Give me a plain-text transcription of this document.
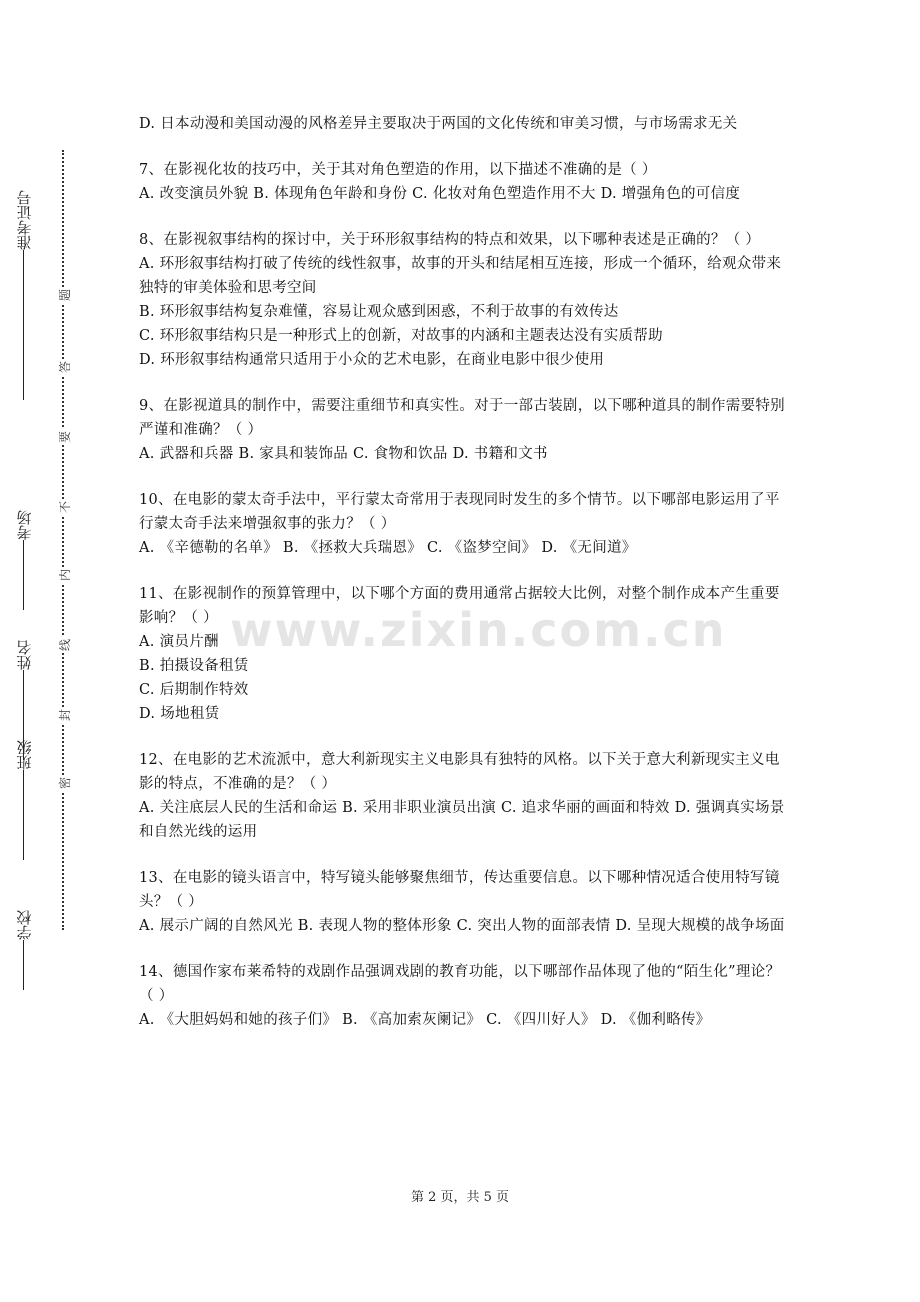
准考证号
考场
姓名
班级
学校
题
答
要
不
内
线
封
密
www.zixin.com.cn

D. 日本动漫和美国动漫的风格差异主要取决于两国的文化传统和审美习惯，与市场需求无关

7、在影视化妆的技巧中，关于其对角色塑造的作用，以下描述不准确的是（ ）

A. 改变演员外貌 B. 体现角色年龄和身份 C. 化妆对角色塑造作用不大 D. 增强角色的可信度

8、在影视叙事结构的探讨中，关于环形叙事结构的特点和效果，以下哪种表述是正确的？（ ）

A. 环形叙事结构打破了传统的线性叙事，故事的开头和结尾相互连接，形成一个循环，给观众带来独特的审美体验和思考空间

B. 环形叙事结构复杂难懂，容易让观众感到困惑，不利于故事的有效传达

C. 环形叙事结构只是一种形式上的创新，对故事的内涵和主题表达没有实质帮助

D. 环形叙事结构通常只适用于小众的艺术电影，在商业电影中很少使用

9、在影视道具的制作中，需要注重细节和真实性。对于一部古装剧，以下哪种道具的制作需要特别严谨和准确？（ ）

A. 武器和兵器 B. 家具和装饰品 C. 食物和饮品 D. 书籍和文书

10、在电影的蒙太奇手法中，平行蒙太奇常用于表现同时发生的多个情节。以下哪部电影运用了平行蒙太奇手法来增强叙事的张力？（ ）

A. 《辛德勒的名单》 B. 《拯救大兵瑞恩》 C. 《盗梦空间》 D. 《无间道》

11、在影视制作的预算管理中，以下哪个方面的费用通常占据较大比例，对整个制作成本产生重要影响？（ ）

A. 演员片酬

B. 拍摄设备租赁

C. 后期制作特效

D. 场地租赁

12、在电影的艺术流派中，意大利新现实主义电影具有独特的风格。以下关于意大利新现实主义电影的特点，不准确的是？（ ）

A. 关注底层人民的生活和命运 B. 采用非职业演员出演 C. 追求华丽的画面和特效 D. 强调真实场景和自然光线的运用

13、在电影的镜头语言中，特写镜头能够聚焦细节，传达重要信息。以下哪种情况适合使用特写镜头？（ ）

A. 展示广阔的自然风光 B. 表现人物的整体形象 C. 突出人物的面部表情 D. 呈现大规模的战争场面

14、德国作家布莱希特的戏剧作品强调戏剧的教育功能，以下哪部作品体现了他的“陌生化”理论？（ ）

A. 《大胆妈妈和她的孩子们》 B. 《高加索灰阑记》 C. 《四川好人》 D. 《伽利略传》

第 2 页，共 5 页
